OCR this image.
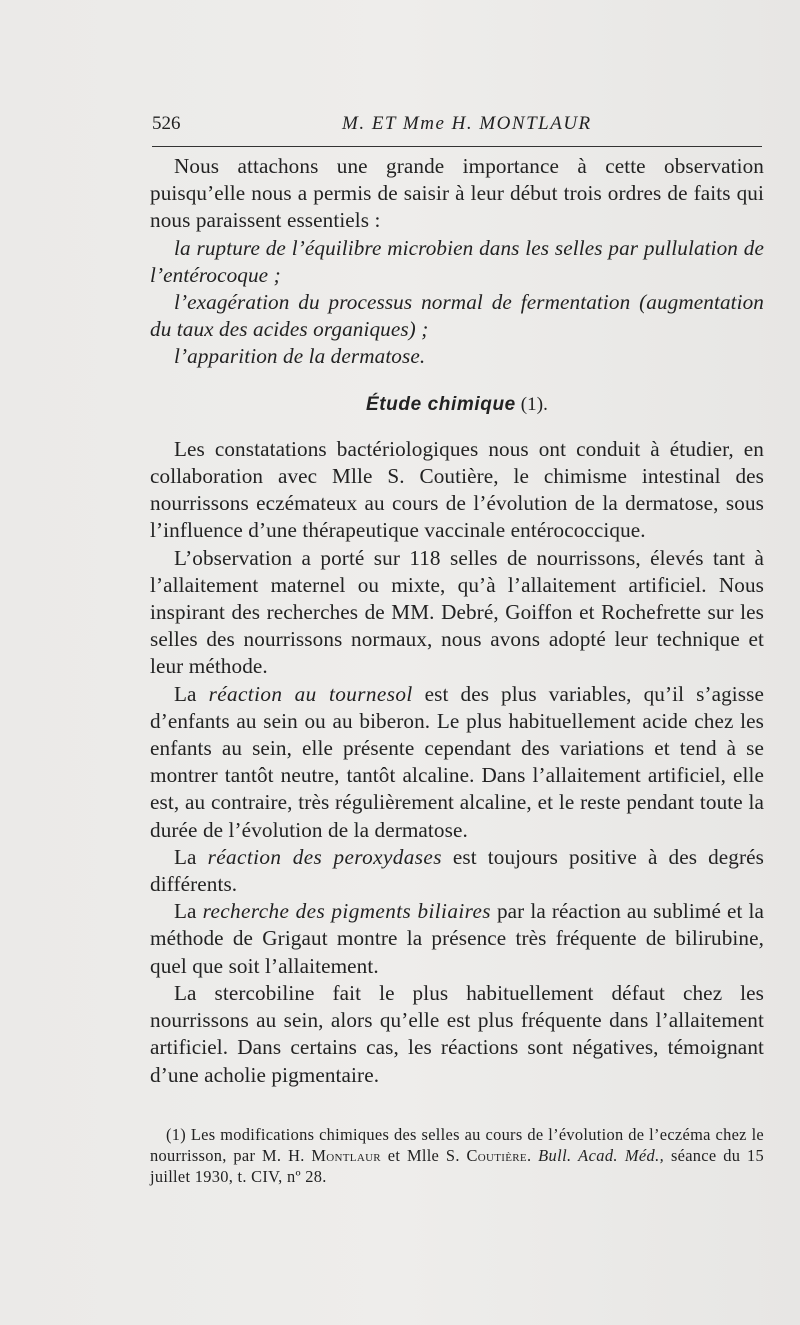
526	M. ET Mme H. MONTLAUR

Nous attachons une grande importance à cette observation puisqu’elle nous a permis de saisir à leur début trois ordres de faits qui nous paraissent essentiels :

la rupture de l’équilibre microbien dans les selles par pullulation de l’entérocoque ;

l’exagération du processus normal de fermentation (augmentation du taux des acides organiques) ;

l’apparition de la dermatose.

Étude chimique (1).

Les constatations bactériologiques nous ont conduit à étudier, en collaboration avec Mlle S. Coutière, le chimisme intestinal des nourrissons eczémateux au cours de l’évolution de la dermatose, sous l’influence d’une thérapeutique vaccinale entérococcique.

L’observation a porté sur 118 selles de nourrissons, élevés tant à l’allaitement maternel ou mixte, qu’à l’allaitement artificiel. Nous inspirant des recherches de MM. Debré, Goiffon et Rochefrette sur les selles des nourrissons normaux, nous avons adopté leur technique et leur méthode.

La réaction au tournesol est des plus variables, qu’il s’agisse d’enfants au sein ou au biberon. Le plus habituellement acide chez les enfants au sein, elle présente cependant des variations et tend à se montrer tantôt neutre, tantôt alcaline. Dans l’allaitement artificiel, elle est, au contraire, très régulièrement alcaline, et le reste pendant toute la durée de l’évolution de la dermatose.

La réaction des peroxydases est toujours positive à des degrés différents.

La recherche des pigments biliaires par la réaction au sublimé et la méthode de Grigaut montre la présence très fréquente de bilirubine, quel que soit l’allaitement.

La stercobiline fait le plus habituellement défaut chez les nourrissons au sein, alors qu’elle est plus fréquente dans l’allaitement artificiel. Dans certains cas, les réactions sont négatives, témoignant d’une acholie pigmentaire.

(1) Les modifications chimiques des selles au cours de l’évolution de l’eczéma chez le nourrisson, par M. H. Montlaur et Mlle S. Coutière. Bull. Acad. Méd., séance du 15 juillet 1930, t. CIV, nº 28.
